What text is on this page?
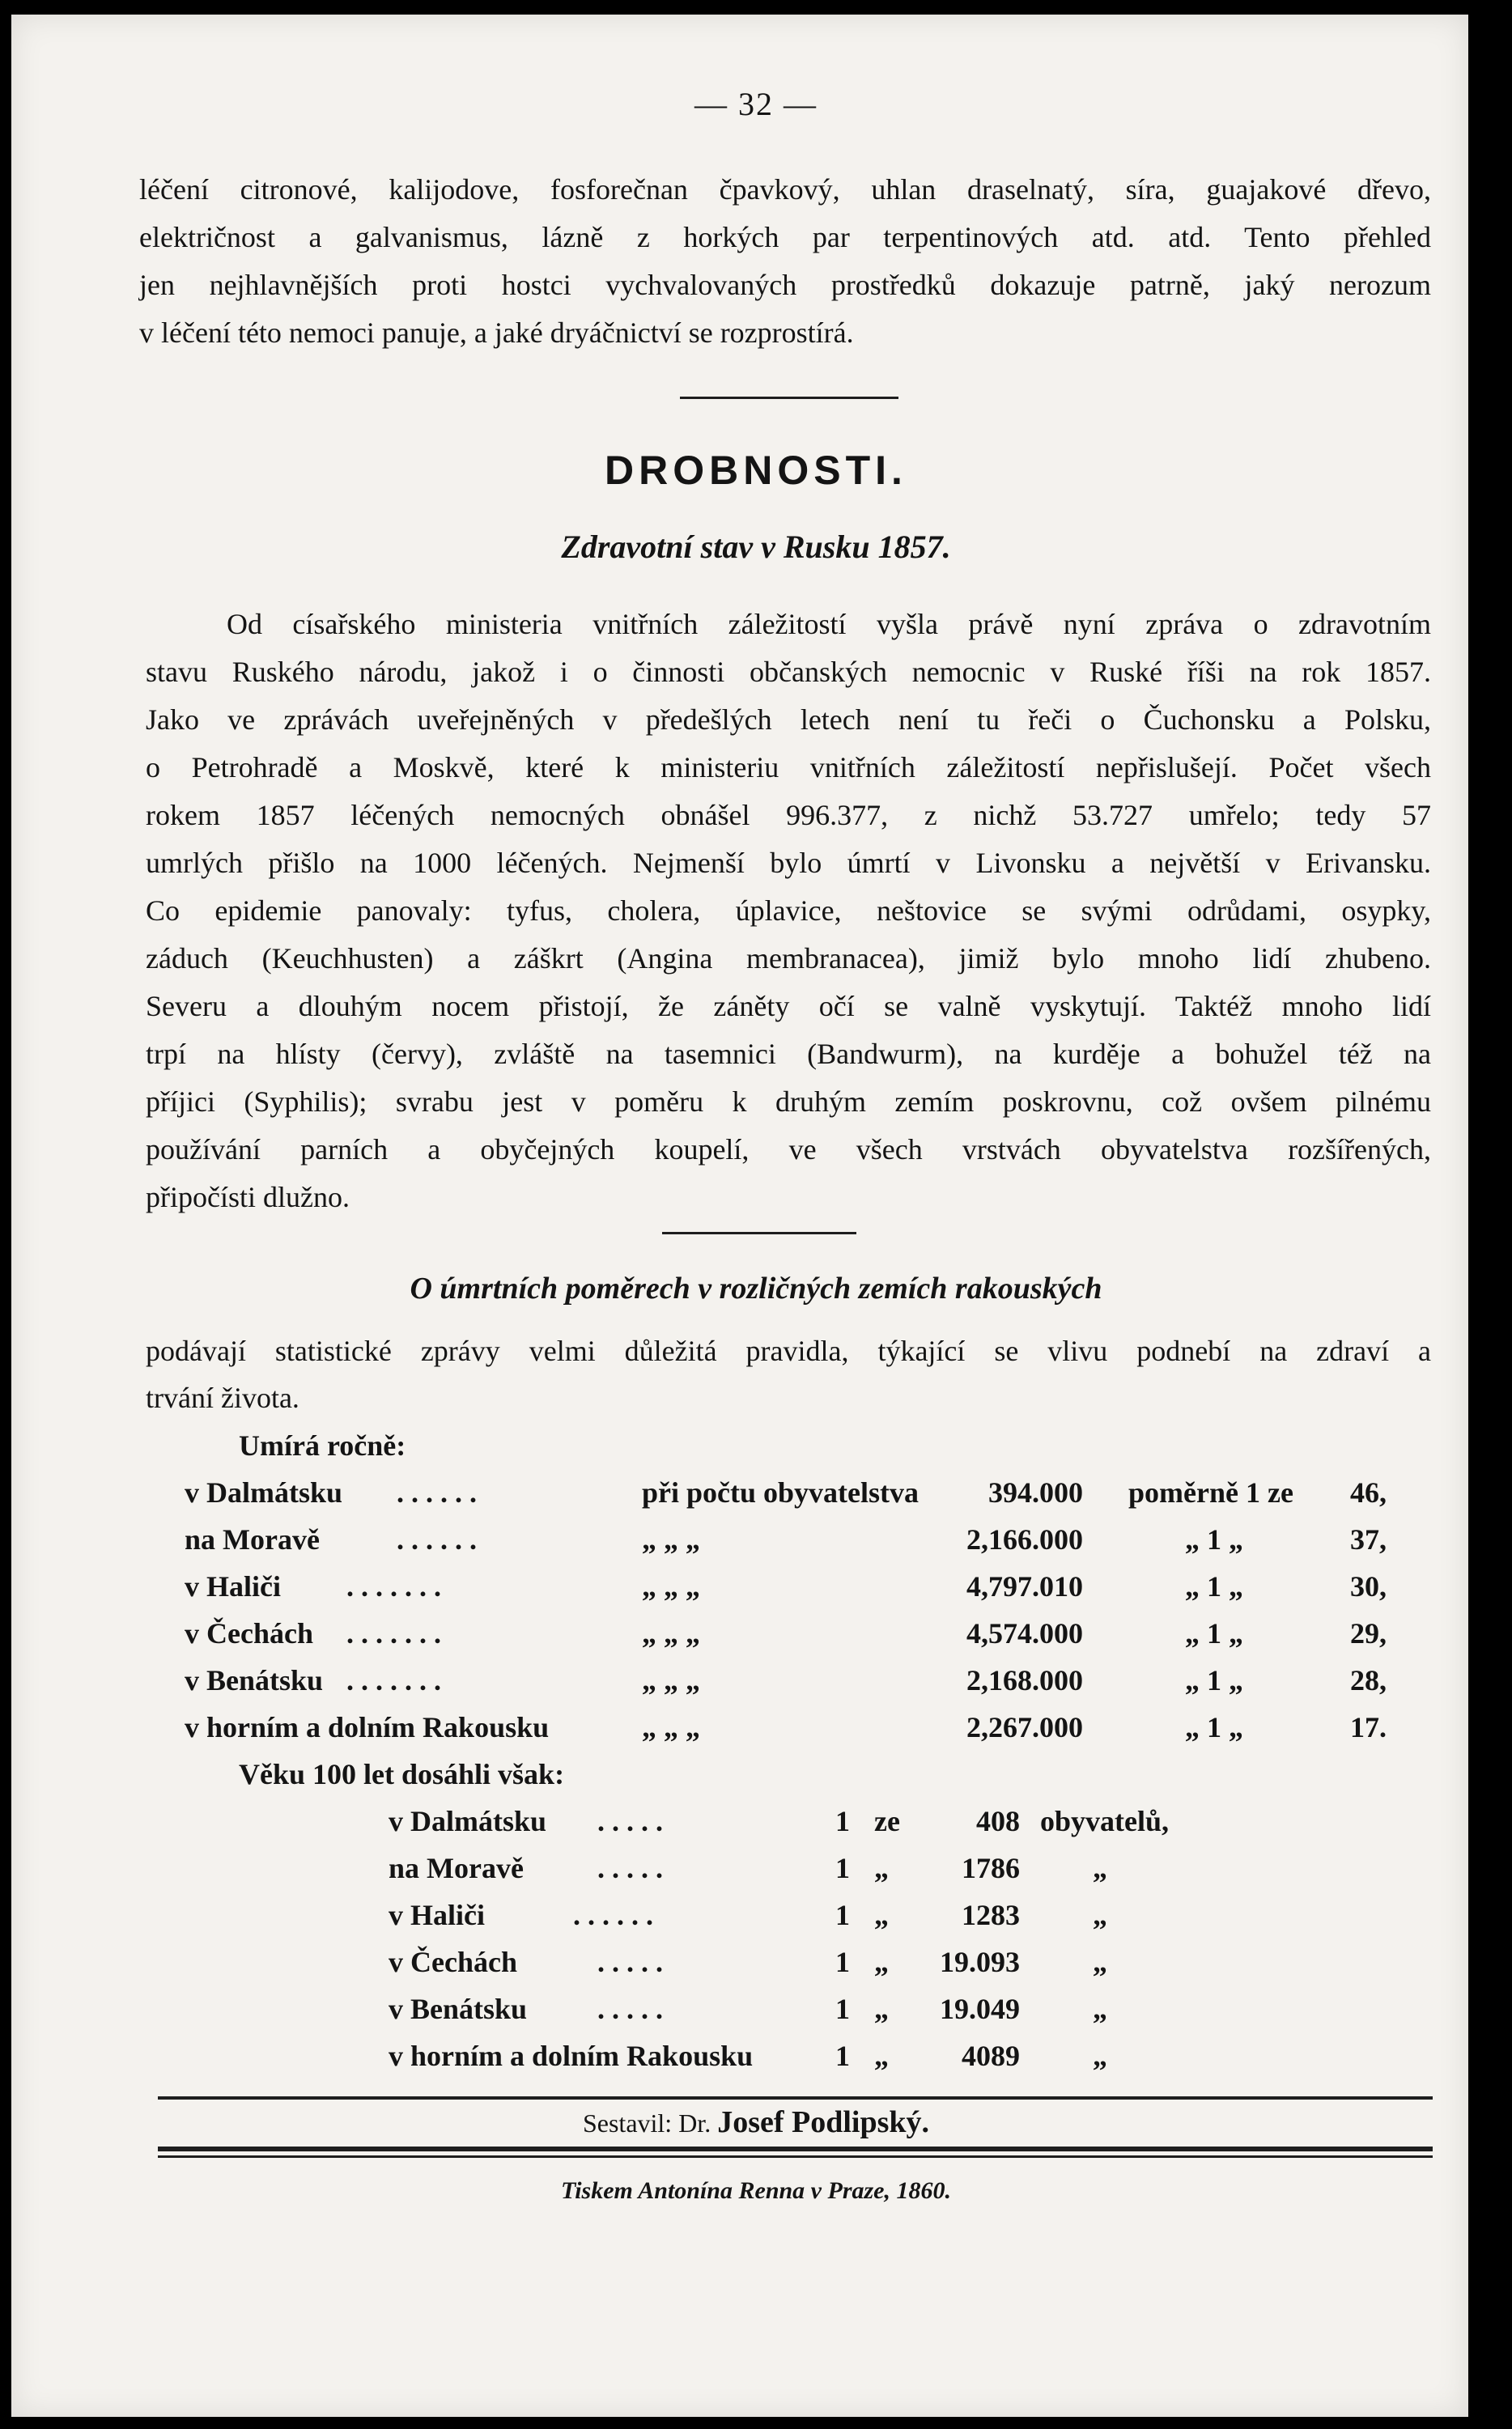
— 32 —
léčení citronové, kalijodove, fosforečnan čpavkový, uhlan draselnatý, síra, guajakové dřevo,
električnost a galvanismus, lázně z horkých par terpentinových atd. atd. Tento přehled
jen nejhlavnějších proti hostci vychvalovaných prostředků dokazuje patrně, jaký nerozum
v léčení této nemoci panuje, a jaké dryáčnictví se rozprostírá.
DROBNOSTI.
Zdravotní stav v Rusku 1857.
Od císařského ministeria vnitřních záležitostí vyšla právě nyní zpráva o zdravotním
stavu Ruského národu, jakož i o činnosti občanských nemocnic v Ruské říši na rok 1857.
Jako ve zprávách uveřejněných v předešlých letech není tu řeči o Čuchonsku a Polsku,
o Petrohradě a Moskvě, které k ministeriu vnitřních záležitostí nepřislušejí. Počet všech
rokem 1857 léčených nemocných obnášel 996.377, z nichž 53.727 umřelo; tedy 57
umrlých přišlo na 1000 léčených. Nejmenší bylo úmrtí v Livonsku a největší v Erivansku.
Co epidemie panovaly: tyfus, cholera, úplavice, neštovice se svými odrůdami, osypky,
záduch (Keuchhusten) a záškrt (Angina membranacea), jimiž bylo mnoho lidí zhubeno.
Severu a dlouhým nocem přistojí, že záněty očí se valně vyskytují. Taktéž mnoho lidí
trpí na hlísty (červy), zvláště na tasemnici (Bandwurm), na kurděje a bohužel též na
příjici (Syphilis); svrabu jest v poměru k druhým zemím poskrovnu, což ovšem pilnému
používání parních a obyčejných koupelí, ve všech vrstvách obyvatelstva rozšířených,
připočísti dlužno.
O úmrtních poměrech v rozličných zemích rakouských
podávají statistické zprávy velmi důležitá pravidla, týkající se vlivu podnebí na zdraví a
trvání života.
Umírá ročně:
v Dalmátsku . . . . . .	při počtu obyvatelstva	394.000 poměrně 1 ze 46,
na Moravě	. . . . . .	„ „ „	2,166.000	„ 1 „	37,
v Haliči . . . . . . .	„ „ „	4,797.010	„ 1 „	30,
v Čechách . . . . . . .	„ „ „	4,574.000	„ 1 „	29,
v Benátsku . . . . . . .	„ „ „	2,168.000	„ 1 „	28,
v horním a dolním Rakousku	„ „ „	2,267.000	„ 1 „	17.
Věku 100 let dosáhli však:
v Dalmátsku . . . . .	1 ze	408 obyvatelů,
na Moravě	. . . . .	1 „	1786	„
v Haliči	. . . . . .	1 „	1283	„
v Čechách	. . . . .	1 „	19.093	„
v Benátsku . . . . .	1 „	19.049	„
v horním a dolním Rakousku	1 „	4089	„
Sestavil: Dr. Josef Podlipský.
Tiskem Antonína Renna v Praze, 1860.
